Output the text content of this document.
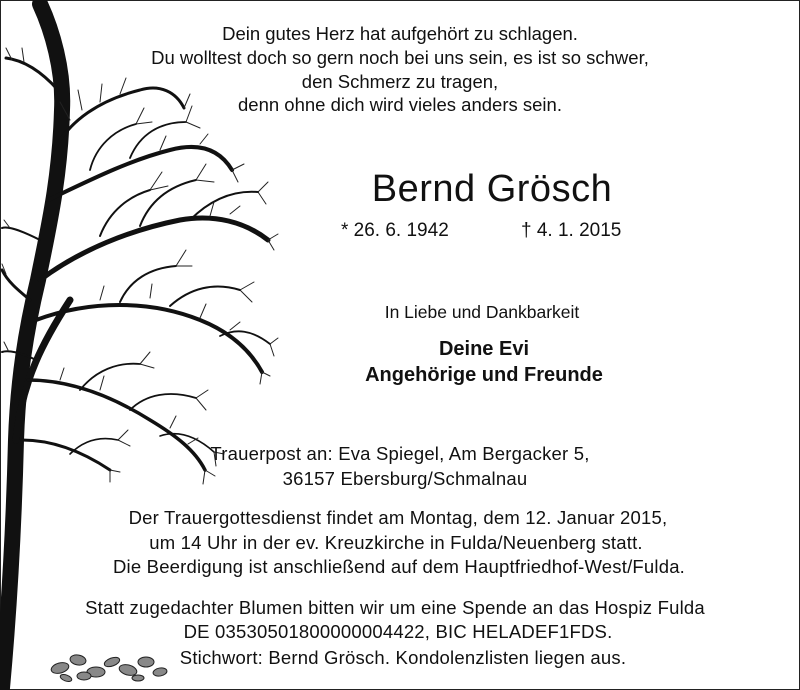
Dein gutes Herz hat aufgehört zu schlagen.
Du wolltest doch so gern noch bei uns sein, es ist so schwer,
den Schmerz zu tragen,
denn ohne dich wird vieles anders sein.
Bernd Grösch
* 26. 6. 1942	† 4. 1. 2015
In Liebe und Dankbarkeit
Deine Evi
Angehörige und Freunde
Trauerpost an: Eva Spiegel, Am Bergacker 5,
36157 Ebersburg/Schmalnau
Der Trauergottesdienst findet am Montag, dem 12. Januar 2015,
um 14 Uhr in der ev. Kreuzkirche in Fulda/Neuenberg statt.
Die Beerdigung ist anschließend auf dem Hauptfriedhof-West/Fulda.
Statt zugedachter Blumen bitten wir um eine Spende an das Hospiz Fulda
DE 03530501800000004422, BIC HELADEF1FDS.
Stichwort: Bernd Grösch. Kondolenzlisten liegen aus.
